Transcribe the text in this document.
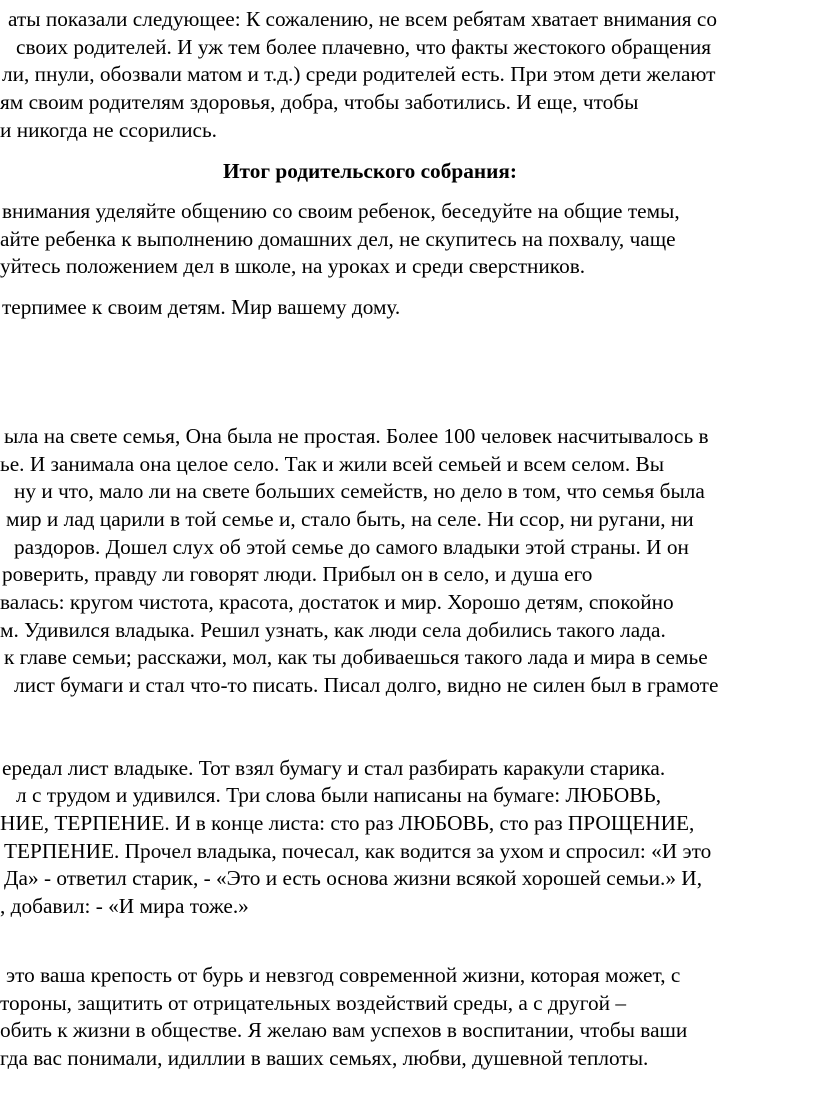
Итог родительского собрания:
аты показали следующее: К сожалению, не всем ребятам хватает внимания со
своих родителей. И уж тем более плачевно, что факты жестокого обращения
ли, пнули, обозвали матом и т.д.) среди родителей есть. При этом дети желают
ям своим родителям здоровья, добра, чтобы заботились. И еще, чтобы
и никогда не ссорились.
внимания уделяйте общению со своим ребенок, беседуйте на общие темы,
айте ребенка к выполнению домашних дел, не скупитесь на похвалу, чаще
уйтесь положением дел в школе, на уроках и среди сверстников.
терпимее к своим детям. Мир вашему дому.
ыла на свете семья, Она была не простая. Более 100 человек насчитывалось в
ье. И занимала она целое село. Так и жили всей семьей и всем селом. Вы
ну и что, мало ли на свете больших семейств, но дело в том, что семья была
мир и лад царили в той семье и, стало быть, на селе. Ни ссор, ни ругани, ни
раздоров. Дошел слух об этой семье до самого владыки этой страны. И он
роверить, правду ли говорят люди. Прибыл он в село, и душа его
валась: кругом чистота, красота, достаток и мир. Хорошо детям, спокойно
м. Удивился владыка. Решил узнать, как люди села добились такого лада.
к главе семьи; расскажи, мол, как ты добиваешься такого лада и мира в семье
лист бумаги и стал что-то писать. Писал долго, видно не силен был в грамоте
ередал лист владыке. Тот взял бумагу и стал разбирать каракули старика.
л с трудом и удивился. Три слова были написаны на бумаге: ЛЮБОВЬ,
НИЕ, ТЕРПЕНИЕ. И в конце листа: сто раз ЛЮБОВЬ, сто раз ПРОЩЕНИЕ,
ТЕРПЕНИЕ. Прочел владыка, почесал, как водится за ухом и спросил: «И это
Да» - ответил старик, - «Это и есть основа жизни всякой хорошей семьи.» И,
, добавил: - «И мира тоже.»
это ваша крепость от бурь и невзгод современной жизни, которая может, с
тороны, защитить от отрицательных воздействий среды, а с другой –
обить к жизни в обществе. Я желаю вам успехов в воспитании, чтобы ваши
гда вас понимали, идиллии в ваших семьях, любви, душевной теплоты.
